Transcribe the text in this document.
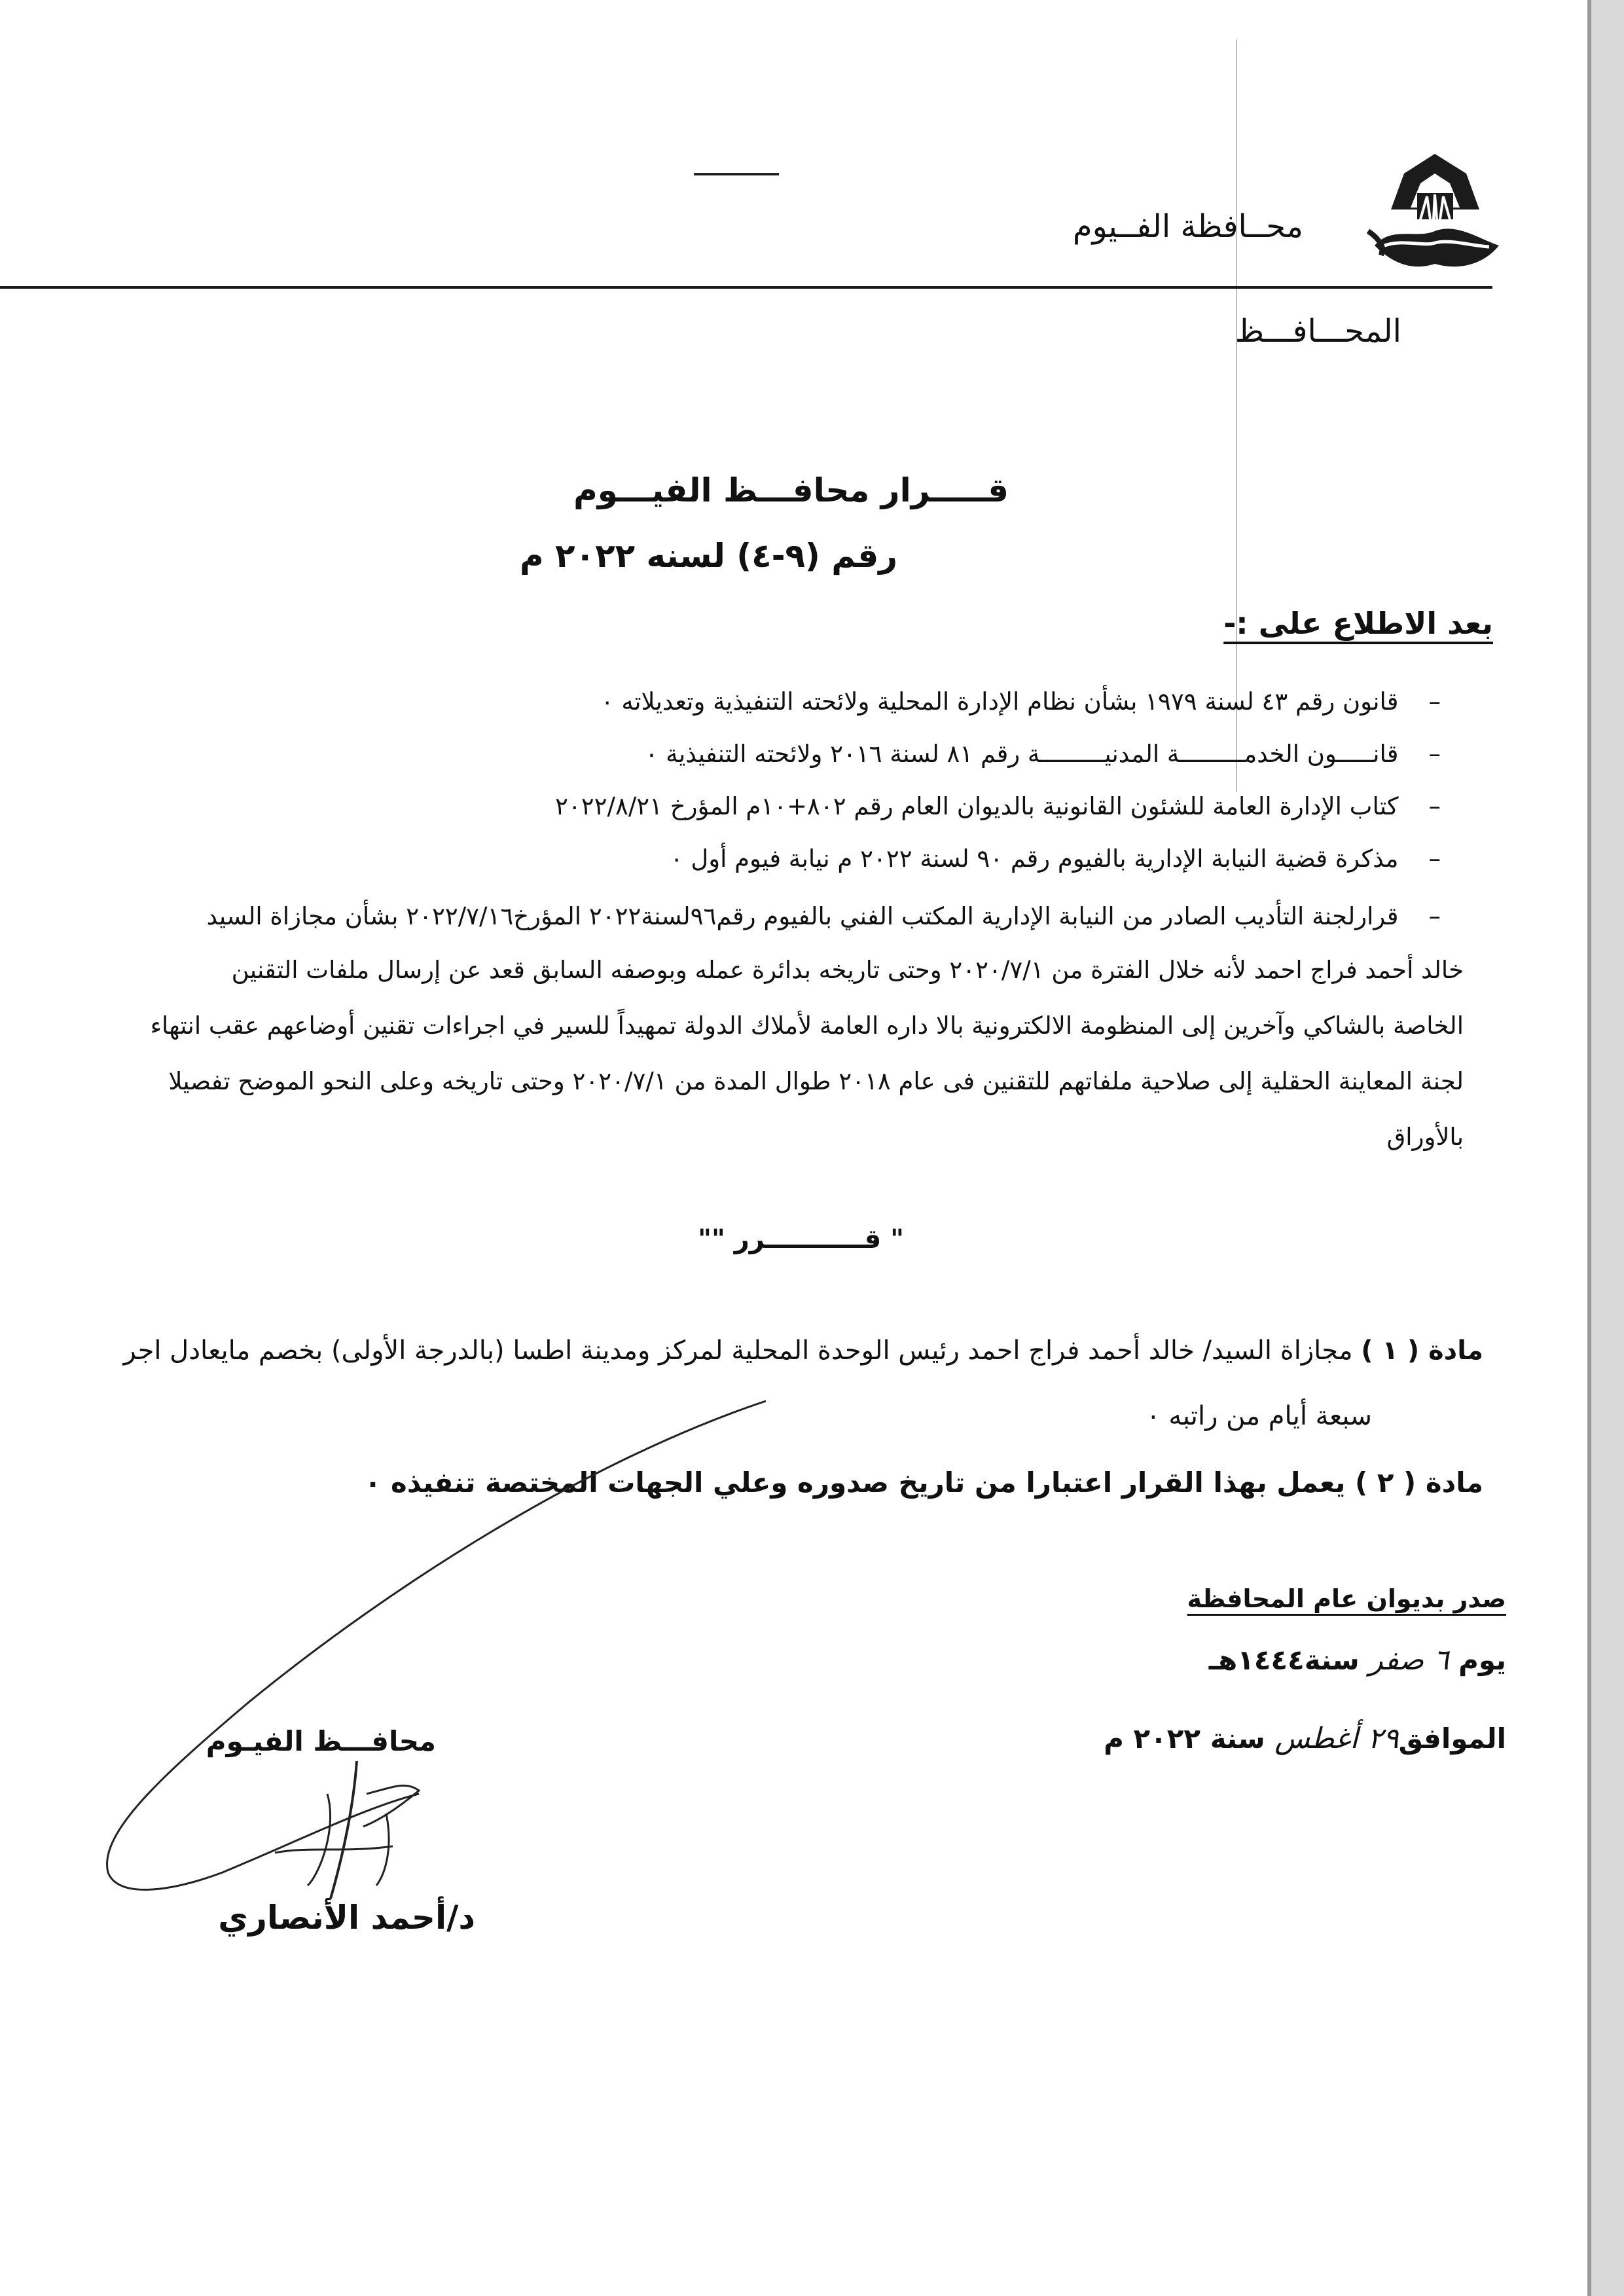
محــافظة الفــيوم
المحـــافـــظ
قـــــرار محافـــظ الفيـــوم
رقم (٩-٤) لسنه ٢٠٢٢ م
بعد الاطلاع على :-
–قانون رقم ٤٣ لسنة ١٩٧٩ بشأن نظام الإدارة المحلية ولائحته التنفيذية وتعديلاته ٠
–قانـــــون الخدمـــــــــة المدنيـــــــــة رقم ٨١ لسنة ٢٠١٦ ولائحته التنفيذية ٠
–كتاب الإدارة العامة للشئون القانونية بالديوان العام رقم ٨٠٢+١٠م المؤرخ ٢٠٢٢/٨/٢١
–مذكرة قضية النيابة الإدارية بالفيوم رقم ٩٠ لسنة ٢٠٢٢ م نيابة فيوم أول ٠
–قرارلجنة التأديب الصادر من النيابة الإدارية المكتب الفني بالفيوم رقم٩٦لسنة٢٠٢٢ المؤرخ٢٠٢٢/٧/١٦ بشأن مجازاة السيد
خالد أحمد فراج احمد لأنه خلال الفترة من ٢٠٢٠/٧/١ وحتى تاريخه بدائرة عمله وبوصفه السابق قعد عن إرسال ملفات التقنين
الخاصة بالشاكي وآخرين إلى المنظومة الالكترونية بالا داره العامة لأملاك الدولة تمهيداً للسير في اجراءات تقنين أوضاعهم عقب انتهاء
لجنة المعاينة الحقلية إلى صلاحية ملفاتهم للتقنين فى عام ٢٠١٨ طوال المدة من ٢٠٢٠/٧/١ وحتى تاريخه وعلى النحو الموضح تفصيلا
بالأوراق
" قـــــــــــرر ""
مادة ( ١ ) مجازاة السيد/ خالد أحمد فراج احمد رئيس الوحدة المحلية لمركز ومدينة اطسا (بالدرجة الأولى) بخصم مايعادل اجر
سبعة أيام من راتبه ٠
مادة ( ٢ ) يعمل بهذا القرار اعتبارا من تاريخ صدوره وعلي الجهات المختصة تنفيذه ٠
صدر بديوان عام المحافظة
يوم ٦ صفر سنة١٤٤٤هـ
الموافق٢٩ أغطس سنة ٢٠٢٢ م
محافـــظ الفيـوم
د/أحمد الأنصاري
